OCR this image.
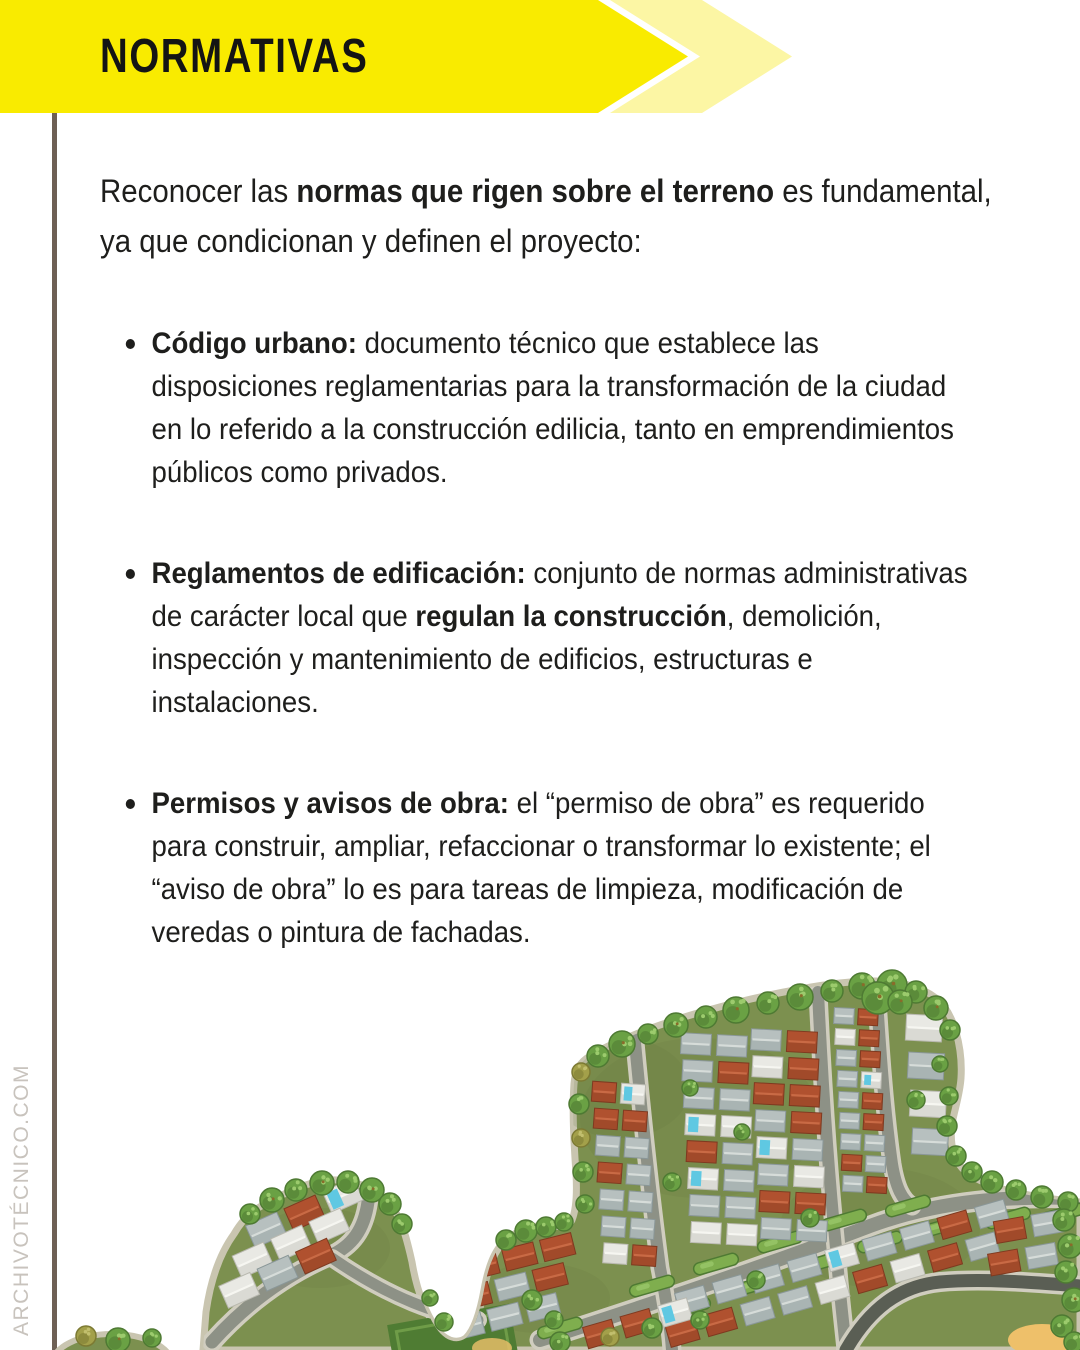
NORMATIVAS
ARCHIVOTÉCNICO.COM

Reconocer las normas que rigen sobre el terreno es fundamental, ya que condicionan y definen el proyecto:

Código urbano: documento técnico que establece las disposiciones reglamentarias para la transformación de la ciudad en lo referido a la construcción edilicia, tanto en emprendimientos públicos como privados.
Reglamentos de edificación: conjunto de normas administrativas de carácter local que regulan la construcción, demolición, inspección y mantenimiento de edificios, estructuras e instalaciones.
Permisos y avisos de obra: el “permiso de obra” es requerido para construir, ampliar, refaccionar o transformar lo existente; el “aviso de obra” lo es para tareas de limpieza, modificación de veredas o pintura de fachadas.
